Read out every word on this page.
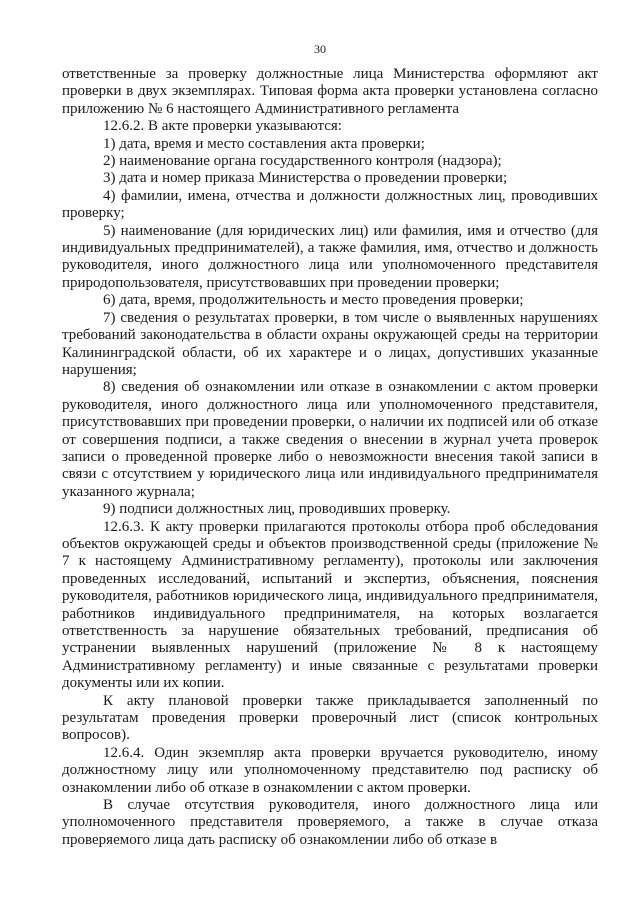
30

ответственные за проверку должностные лица Министерства оформляют акт проверки в двух экземплярах. Типовая форма акта проверки установлена согласно приложению № 6 настоящего Административного регламента

12.6.2. В акте проверки указываются:

1) дата, время и место составления акта проверки;

2) наименование органа государственного контроля (надзора);

3) дата и номер приказа Министерства о проведении проверки;

4) фамилии, имена, отчества и должности должностных лиц, проводивших проверку;

5) наименование (для юридических лиц) или фамилия, имя и отчество (для индивидуальных предпринимателей), а также фамилия, имя, отчество и должность руководителя, иного должностного лица или уполномоченного представителя природопользователя, присутствовавших при проведении проверки;

6) дата, время, продолжительность и место проведения проверки;

7) сведения о результатах проверки, в том числе о выявленных нарушениях требований законодательства в области охраны окружающей среды на территории Калининградской области, об их характере и о лицах, допустивших указанные нарушения;

8) сведения об ознакомлении или отказе в ознакомлении с актом проверки руководителя, иного должностного лица или уполномоченного представителя, присутствовавших при проведении проверки, о наличии их подписей или об отказе от совершения подписи, а также сведения о внесении в журнал учета проверок записи о проведенной проверке либо о невозможности внесения такой записи в связи с отсутствием у юридического лица или индивидуального предпринимателя указанного журнала;

9) подписи должностных лиц, проводивших проверку.

12.6.3. К акту проверки прилагаются протоколы отбора проб обследования объектов окружающей среды и объектов производственной среды (приложение № 7 к настоящему Административному регламенту), протоколы или заключения проведенных исследований, испытаний и экспертиз, объяснения, пояснения руководителя, работников юридического лица, индивидуального предпринимателя, работников индивидуального предпринимателя, на которых возлагается ответственность за нарушение обязательных требований, предписания об устранении выявленных нарушений (приложение № 8 к настоящему Административному регламенту) и иные связанные с результатами проверки документы или их копии.

К акту плановой проверки также прикладывается заполненный по результатам проведения проверки проверочный лист (список контрольных вопросов).

12.6.4. Один экземпляр акта проверки вручается руководителю, иному должностному лицу или уполномоченному представителю под расписку об ознакомлении либо об отказе в ознакомлении с актом проверки.

В случае отсутствия руководителя, иного должностного лица или уполномоченного представителя проверяемого, а также в случае отказа проверяемого лица дать расписку об ознакомлении либо об отказе в
